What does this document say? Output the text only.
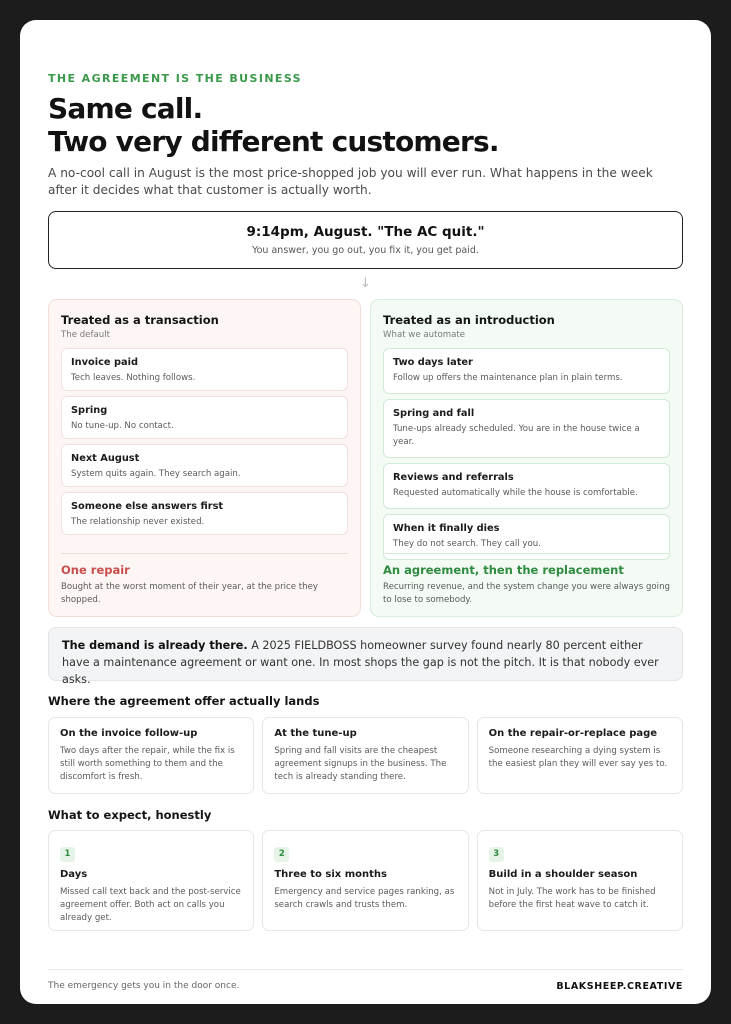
THE AGREEMENT IS THE BUSINESS
Same call.
Two very different customers.

A no-cool call in August is the most price-shopped job you will ever run. What happens in the week after it decides what that customer is actually worth.

9:14pm, August. "The AC quit."
You answer, you go out, you fix it, you get paid.
↓
Treated as a transaction
The default
Invoice paid
Tech leaves. Nothing follows.
Spring
No tune-up. No contact.
Next August
System quits again. They search again.
Someone else answers first
The relationship never existed.
One repair
Bought at the worst moment of their year, at the price they shopped.
Treated as an introduction
What we automate
Two days later
Follow up offers the maintenance plan in plain terms.
Spring and fall
Tune-ups already scheduled. You are in the house twice a year.
Reviews and referrals
Requested automatically while the house is comfortable.
When it finally dies
They do not search. They call you.
An agreement, then the replacement
Recurring revenue, and the system change you were always going to lose to somebody.
The demand is already there. A 2025 FIELDBOSS homeowner survey found nearly 80 percent either have a maintenance agreement or want one. In most shops the gap is not the pitch. It is that nobody ever asks.
Where the agreement offer actually lands
On the invoice follow-up
Two days after the repair, while the fix is still worth something to them and the discomfort is fresh.
At the tune-up
Spring and fall visits are the cheapest agreement signups in the business. The tech is already standing there.
On the repair-or-replace page
Someone researching a dying system is the easiest plan they will ever say yes to.
What to expect, honestly
1
Days
Missed call text back and the post-service agreement offer. Both act on calls you already get.
2
Three to six months
Emergency and service pages ranking, as search crawls and trusts them.
3
Build in a shoulder season
Not in July. The work has to be finished before the first heat wave to catch it.
The emergency gets you in the door once.	BLAKSHEEP.CREATIVE
